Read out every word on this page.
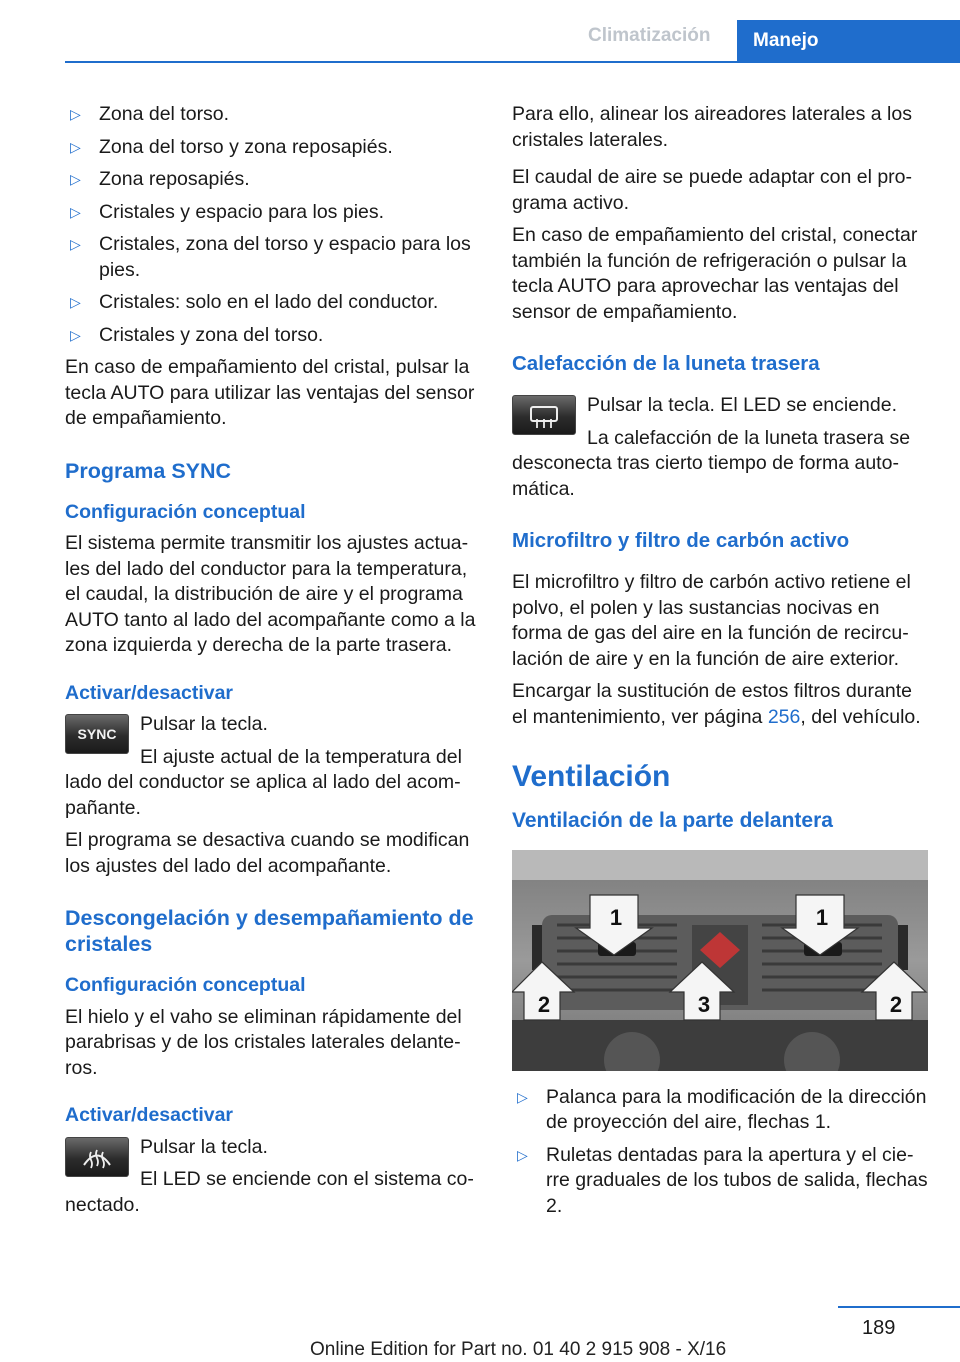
Climatización	Manejo
▷ Zona del torso.
▷ Zona del torso y zona reposapiés.
▷ Zona reposapiés.
▷ Cristales y espacio para los pies.
▷ Cristales, zona del torso y espacio para los pies.
▷ Cristales: solo en el lado del conductor.
▷ Cristales y zona del torso.

En caso de empañamiento del cristal, pulsar la tecla AUTO para utilizar las ventajas del sensor de empañamiento.

Programa SYNC
Configuración conceptual

El sistema permite transmitir los ajustes actuales del lado del conductor para la temperatura, el caudal, la distribución de aire y el programa AUTO tanto al lado del acompañante como a la zona izquierda y derecha de la parte trasera.

Activar/desactivar
SYNC	Pulsar la tecla.

El ajuste actual de la temperatura del lado del conductor se aplica al lado del acompañante.

El programa se desactiva cuando se modifican los ajustes del lado del acompañante.

Descongelación y desempañamiento de cristales
Configuración conceptual

El hielo y el vaho se eliminan rápidamente del parabrisas y de los cristales laterales delanteros.

Activar/desactivar

Pulsar la tecla.

El LED se enciende con el sistema conectado.

Para ello, alinear los aireadores laterales a los cristales laterales.

El caudal de aire se puede adaptar con el programa activo.

En caso de empañamiento del cristal, conectar también la función de refrigeración o pulsar la tecla AUTO para aprovechar las ventajas del sensor de empañamiento.

Calefacción de la luneta trasera

Pulsar la tecla. El LED se enciende.

La calefacción de la luneta trasera se desconecta tras cierto tiempo de forma automática.

Microfiltro y filtro de carbón activo

El microfiltro y filtro de carbón activo retiene el polvo, el polen y las sustancias nocivas en forma de gas del aire en la función de recirculación de aire y en la función de aire exterior.

Encargar la sustitución de estos filtros durante el mantenimiento, ver página 256, del vehículo.

Ventilación
Ventilación de la parte delantera
1	1
2	3	2
▷ Palanca para la modificación de la dirección de proyección del aire, flechas 1.
▷ Ruletas dentadas para la apertura y el cierre graduales de los tubos de salida, flechas 2.
189
Online Edition for Part no. 01 40 2 915 908 - X/16
